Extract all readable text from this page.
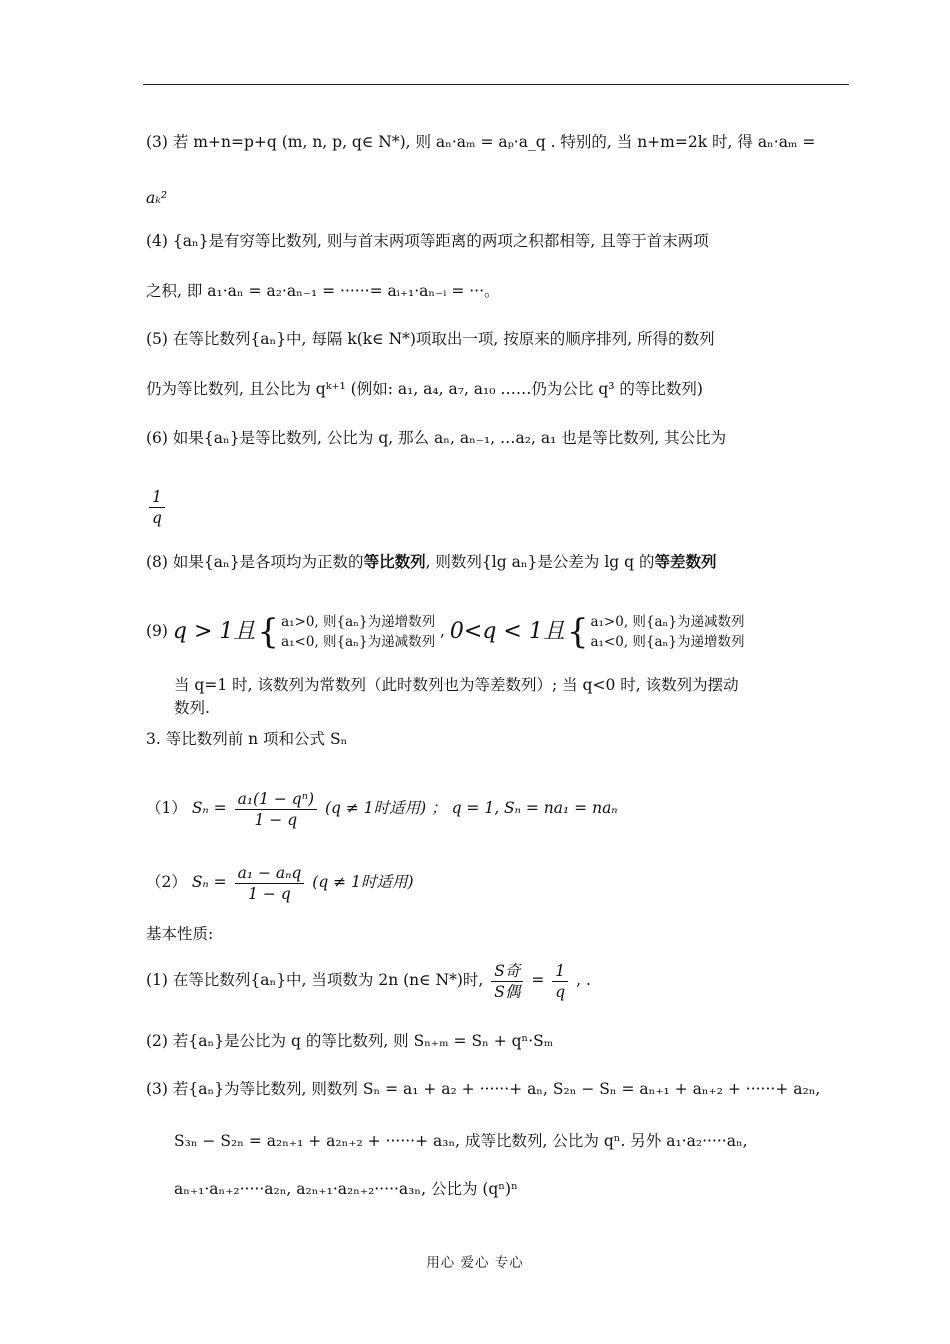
(3) 若 m+n=p+q (m, n, p, q∈ N*), 则 aₙ·aₘ = aₚ·a_q . 特别的, 当 n+m=2k 时, 得 aₙ·aₘ =
aₖ²
(4) {aₙ}是有穷等比数列, 则与首末两项等距离的两项之积都相等, 且等于首末两项
之积, 即 a₁·aₙ = a₂·aₙ₋₁ = ······= aᵢ₊₁·aₙ₋ᵢ = ···。
(5) 在等比数列{aₙ}中, 每隔 k(k∈ N*)项取出一项, 按原来的顺序排列, 所得的数列
仍为等比数列, 且公比为 qᵏ⁺¹ (例如: a₁, a₄, a₇, a₁₀ ……仍为公比 q³ 的等比数列)
(6) 如果{aₙ}是等比数列, 公比为 q, 那么 aₙ, aₙ₋₁, …a₂, a₁ 也是等比数列, 其公比为
$\frac{1}{q}$
(8) 如果{aₙ}是各项均为正数的等比数列, 则数列{lg aₙ}是公差为 lg q 的等差数列
(9) q > 1且 { a₁>0, 则{aₙ}为递增数列
a₁<0, 则{aₙ}为递减数列
, 0<q < 1且 { a₁>0, 则{aₙ}为递减数列
a₁<0, 则{aₙ}为递增数列
当 q=1 时, 该数列为常数列（此时数列也为等差数列）; 当 q<0 时, 该数列为摆动
数列.
3. 等比数列前 n 项和公式 Sₙ
（1） $S_n = \frac{\text{a₁(1 − qⁿ)}}{1 - q} (q \ne 1$时适用) ； q = 1, Sₙ = na₁ = naₙ
（2） $S_n = \frac{\text{a₁ − aₙq}}{1 - q} (q \ne 1$时适用)
基本性质:
(1) 在等比数列{aₙ}中, 当项数为 2n (n∈ N*)时, $\frac{\text{S奇}}{\text{S偶}} = \frac{1}{q}$ , .
(2) 若{aₙ}是公比为 q 的等比数列, 则 Sₙ₊ₘ = Sₙ + qⁿ·Sₘ
(3) 若{aₙ}为等比数列, 则数列 Sₙ = a₁ + a₂ + ······+ aₙ, S₂ₙ − Sₙ = aₙ₊₁ + aₙ₊₂ + ······+ a₂ₙ,
S₃ₙ − S₂ₙ = a₂ₙ₊₁ + a₂ₙ₊₂ + ······+ a₃ₙ, 成等比数列, 公比为 qⁿ. 另外 a₁·a₂·····aₙ,
aₙ₊₁·aₙ₊₂·····a₂ₙ, a₂ₙ₊₁·a₂ₙ₊₂·····a₃ₙ, 公比为 (qⁿ)ⁿ
用心 爱心 专心
